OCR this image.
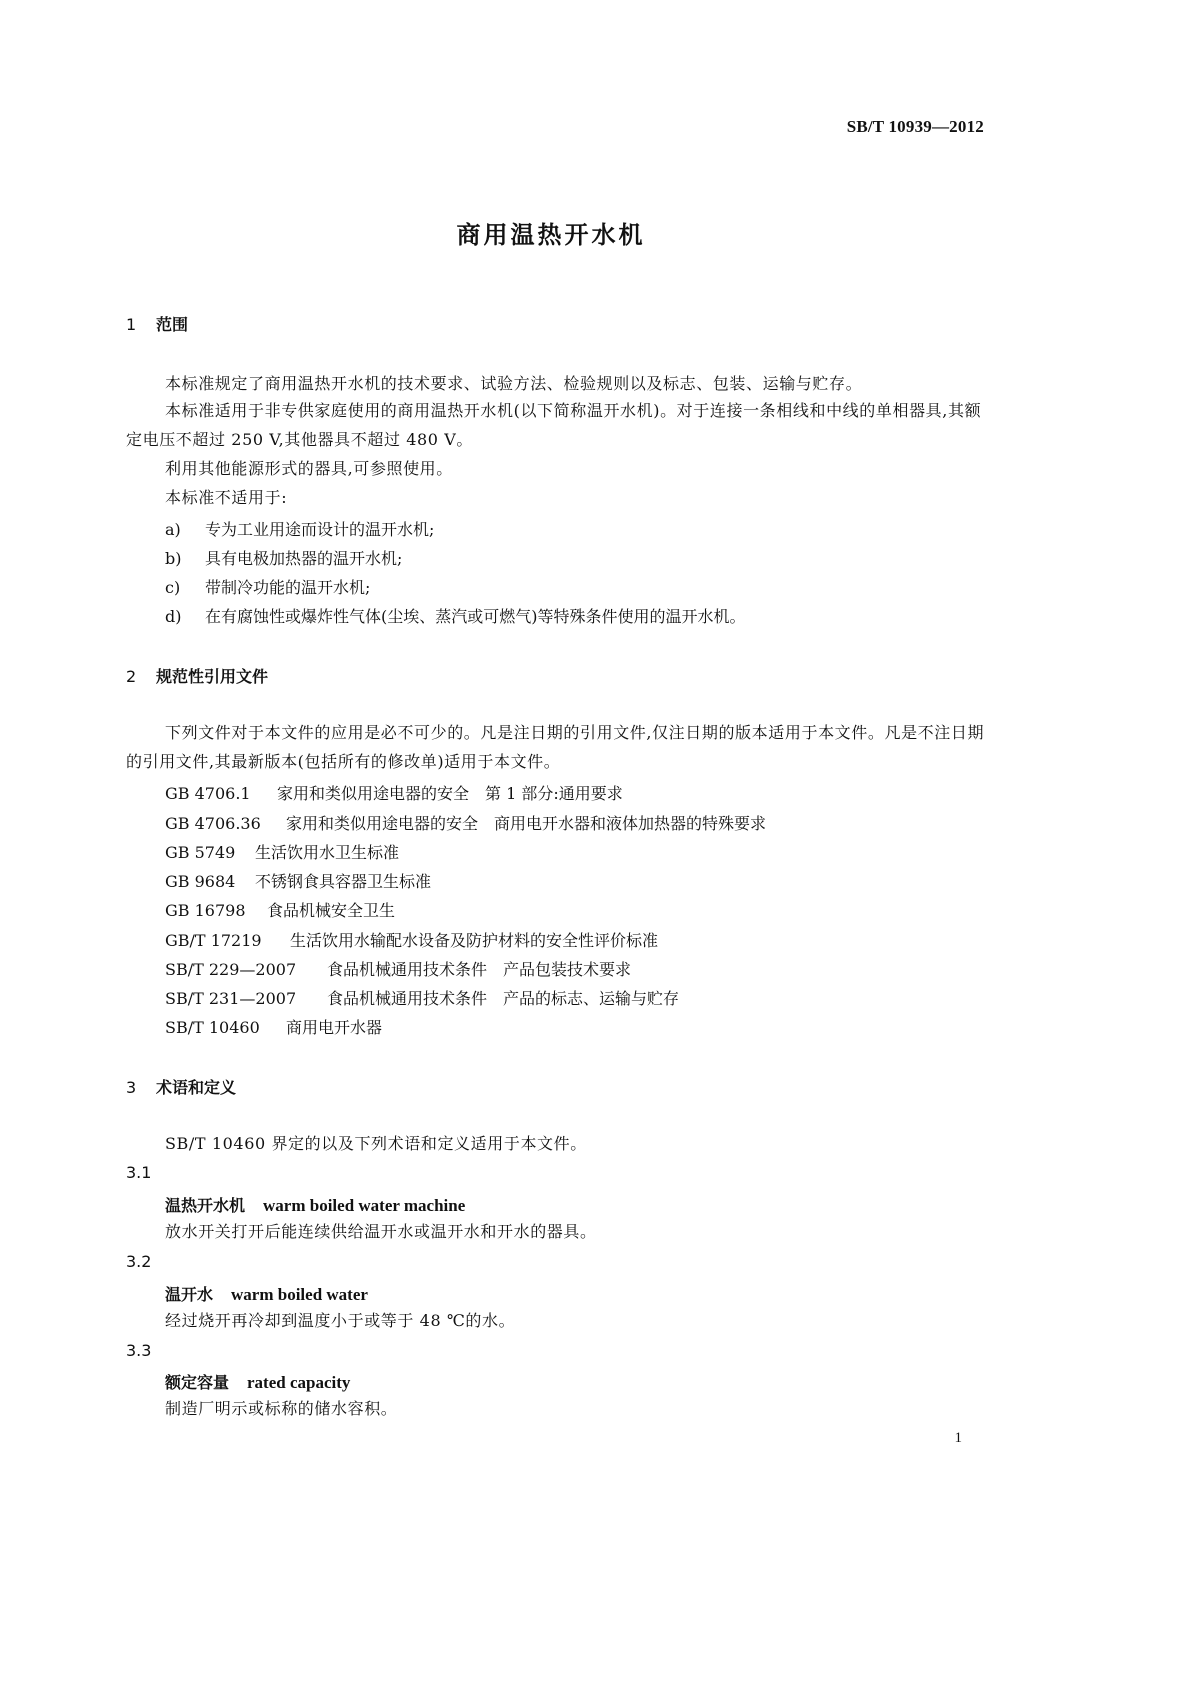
SB/T 10939—2012
商用温热开水机
1 范围
本标准规定了商用温热开水机的技术要求、试验方法、检验规则以及标志、包装、运输与贮存。
本标准适用于非专供家庭使用的商用温热开水机(以下简称温开水机)。对于连接一条相线和中线的单相器具,其额定电压不超过 250 V,其他器具不超过 480 V。
利用其他能源形式的器具,可参照使用。
本标准不适用于:
a) 专为工业用途而设计的温开水机;
b) 具有电极加热器的温开水机;
c) 带制冷功能的温开水机;
d) 在有腐蚀性或爆炸性气体(尘埃、蒸汽或可燃气)等特殊条件使用的温开水机。
2 规范性引用文件
下列文件对于本文件的应用是必不可少的。凡是注日期的引用文件,仅注日期的版本适用于本文件。凡是不注日期的引用文件,其最新版本(包括所有的修改单)适用于本文件。
GB 4706.1 家用和类似用途电器的安全　第 1 部分:通用要求
GB 4706.36 家用和类似用途电器的安全　商用电开水器和液体加热器的特殊要求
GB 5749 生活饮用水卫生标准
GB 9684 不锈钢食具容器卫生标准
GB 16798 食品机械安全卫生
GB/T 17219 生活饮用水输配水设备及防护材料的安全性评价标准
SB/T 229—2007 食品机械通用技术条件　产品包装技术要求
SB/T 231—2007 食品机械通用技术条件　产品的标志、运输与贮存
SB/T 10460 商用电开水器
3 术语和定义
SB/T 10460 界定的以及下列术语和定义适用于本文件。
3.1
温热开水机 warm boiled water machine
放水开关打开后能连续供给温开水或温开水和开水的器具。
3.2
温开水 warm boiled water
经过烧开再冷却到温度小于或等于 48 ℃的水。
3.3
额定容量 rated capacity
制造厂明示或标称的储水容积。
1
